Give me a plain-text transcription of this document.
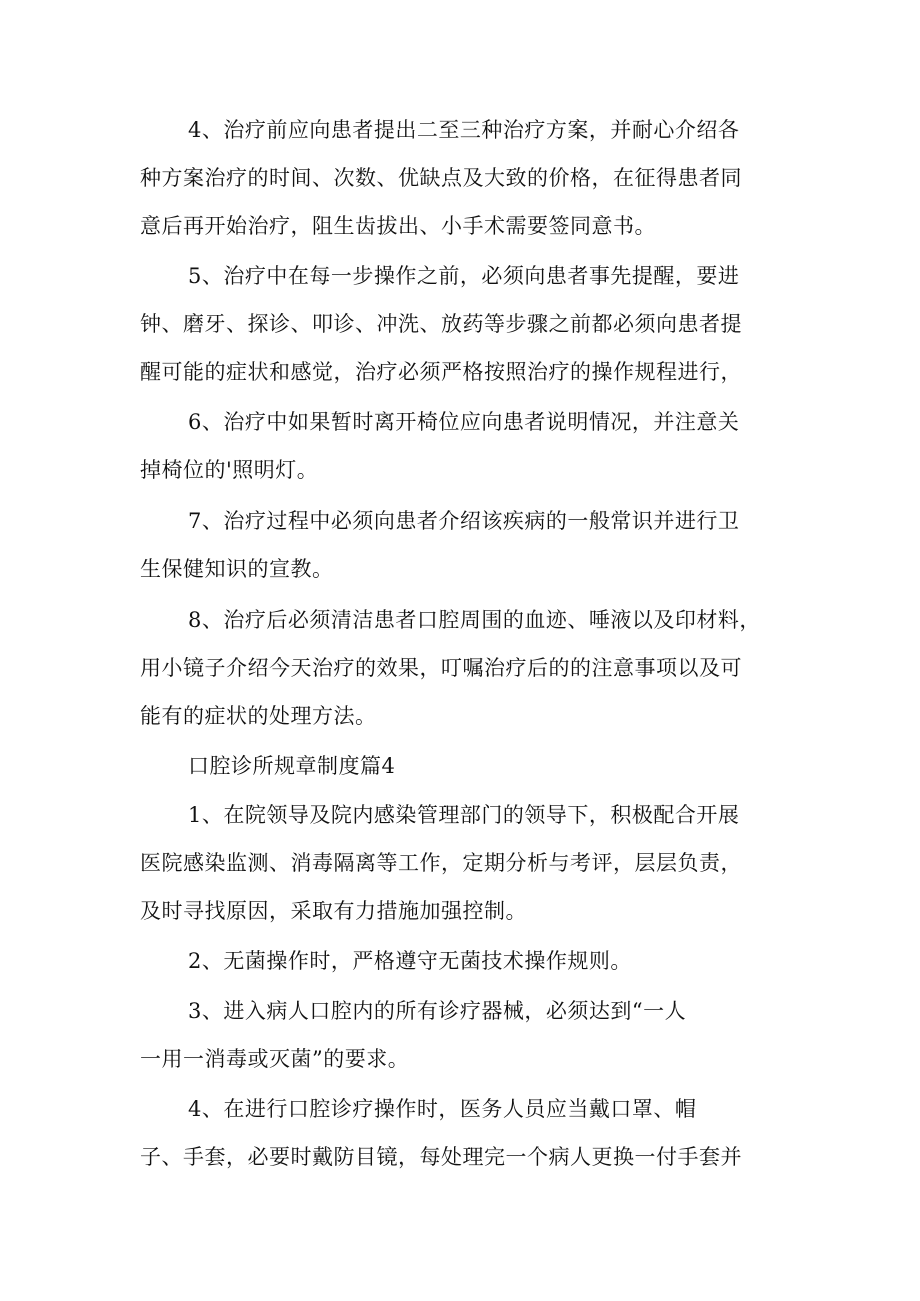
4、治疗前应向患者提出二至三种治疗方案，并耐心介绍各
种方案治疗的时间、次数、优缺点及大致的价格，在征得患者同
意后再开始治疗，阻生齿拔出、小手术需要签同意书。
5、治疗中在每一步操作之前，必须向患者事先提醒，要进
钟、磨牙、探诊、叩诊、冲洗、放药等步骤之前都必须向患者提
醒可能的症状和感觉，治疗必须严格按照治疗的操作规程进行，
6、治疗中如果暂时离开椅位应向患者说明情况，并注意关
掉椅位的'照明灯。
7、治疗过程中必须向患者介绍该疾病的一般常识并进行卫
生保健知识的宣教。
8、治疗后必须清洁患者口腔周围的血迹、唾液以及印材料，
用小镜子介绍今天治疗的效果，叮嘱治疗后的的注意事项以及可
能有的症状的处理方法。
口腔诊所规章制度篇4
1、在院领导及院内感染管理部门的领导下，积极配合开展
医院感染监测、消毒隔离等工作，定期分析与考评，层层负责，
及时寻找原因，采取有力措施加强控制。
2、无菌操作时，严格遵守无菌技术操作规则。
3、进入病人口腔内的所有诊疗器械，必须达到“一人
一用一消毒或灭菌”的要求。
4、在进行口腔诊疗操作时，医务人员应当戴口罩、帽
子、手套，必要时戴防目镜，每处理完一个病人更换一付手套并
